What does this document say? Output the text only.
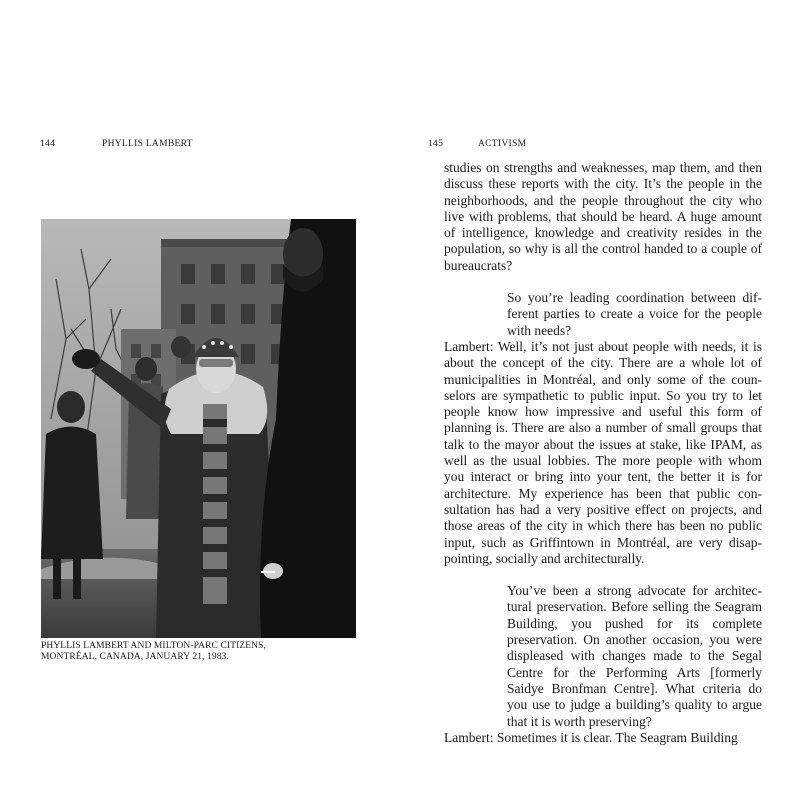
144	PHYLLIS LAMBERT	145	ACTIVISM
PHYLLIS LAMBERT AND MILTON-PARC CITIZENS,
MONTRÉAL, CANADA, JANUARY 21, 1983.
studies on strengths and weaknesses, map them, and then discuss these reports with the city. It’s the people in the neighborhoods, and the people throughout the city who live with problems, that should be heard. A huge amount of intelligence, knowledge and creativity resides in the population, so why is all the control handed to a couple of bureaucrats?
So you’re leading coordination between different parties to create a voice for the people with needs?
Lambert: Well, it’s not just about people with needs, it is about the concept of the city. There are a whole lot of municipalities in Montréal, and only some of the counselors are sympathetic to public input. So you try to let people know how impressive and useful this form of planning is. There are also a number of small groups that talk to the mayor about the issues at stake, like IPAM, as well as the usual lobbies. The more people with whom you interact or bring into your tent, the better it is for architecture. My experience has been that public consultation has had a very positive effect on projects, and those areas of the city in which there has been no public input, such as Griffintown in Montréal, are very disappointing, socially and architecturally.
You’ve been a strong advocate for architectural preservation. Before selling the Seagram Building, you pushed for its complete preservation. On another occasion, you were displeased with changes made to the Segal Centre for the Performing Arts [formerly Saidye Bronfman Centre]. What criteria do you use to judge a building’s quality to argue that it is worth preserving?
Lambert: Sometimes it is clear. The Seagram Building
